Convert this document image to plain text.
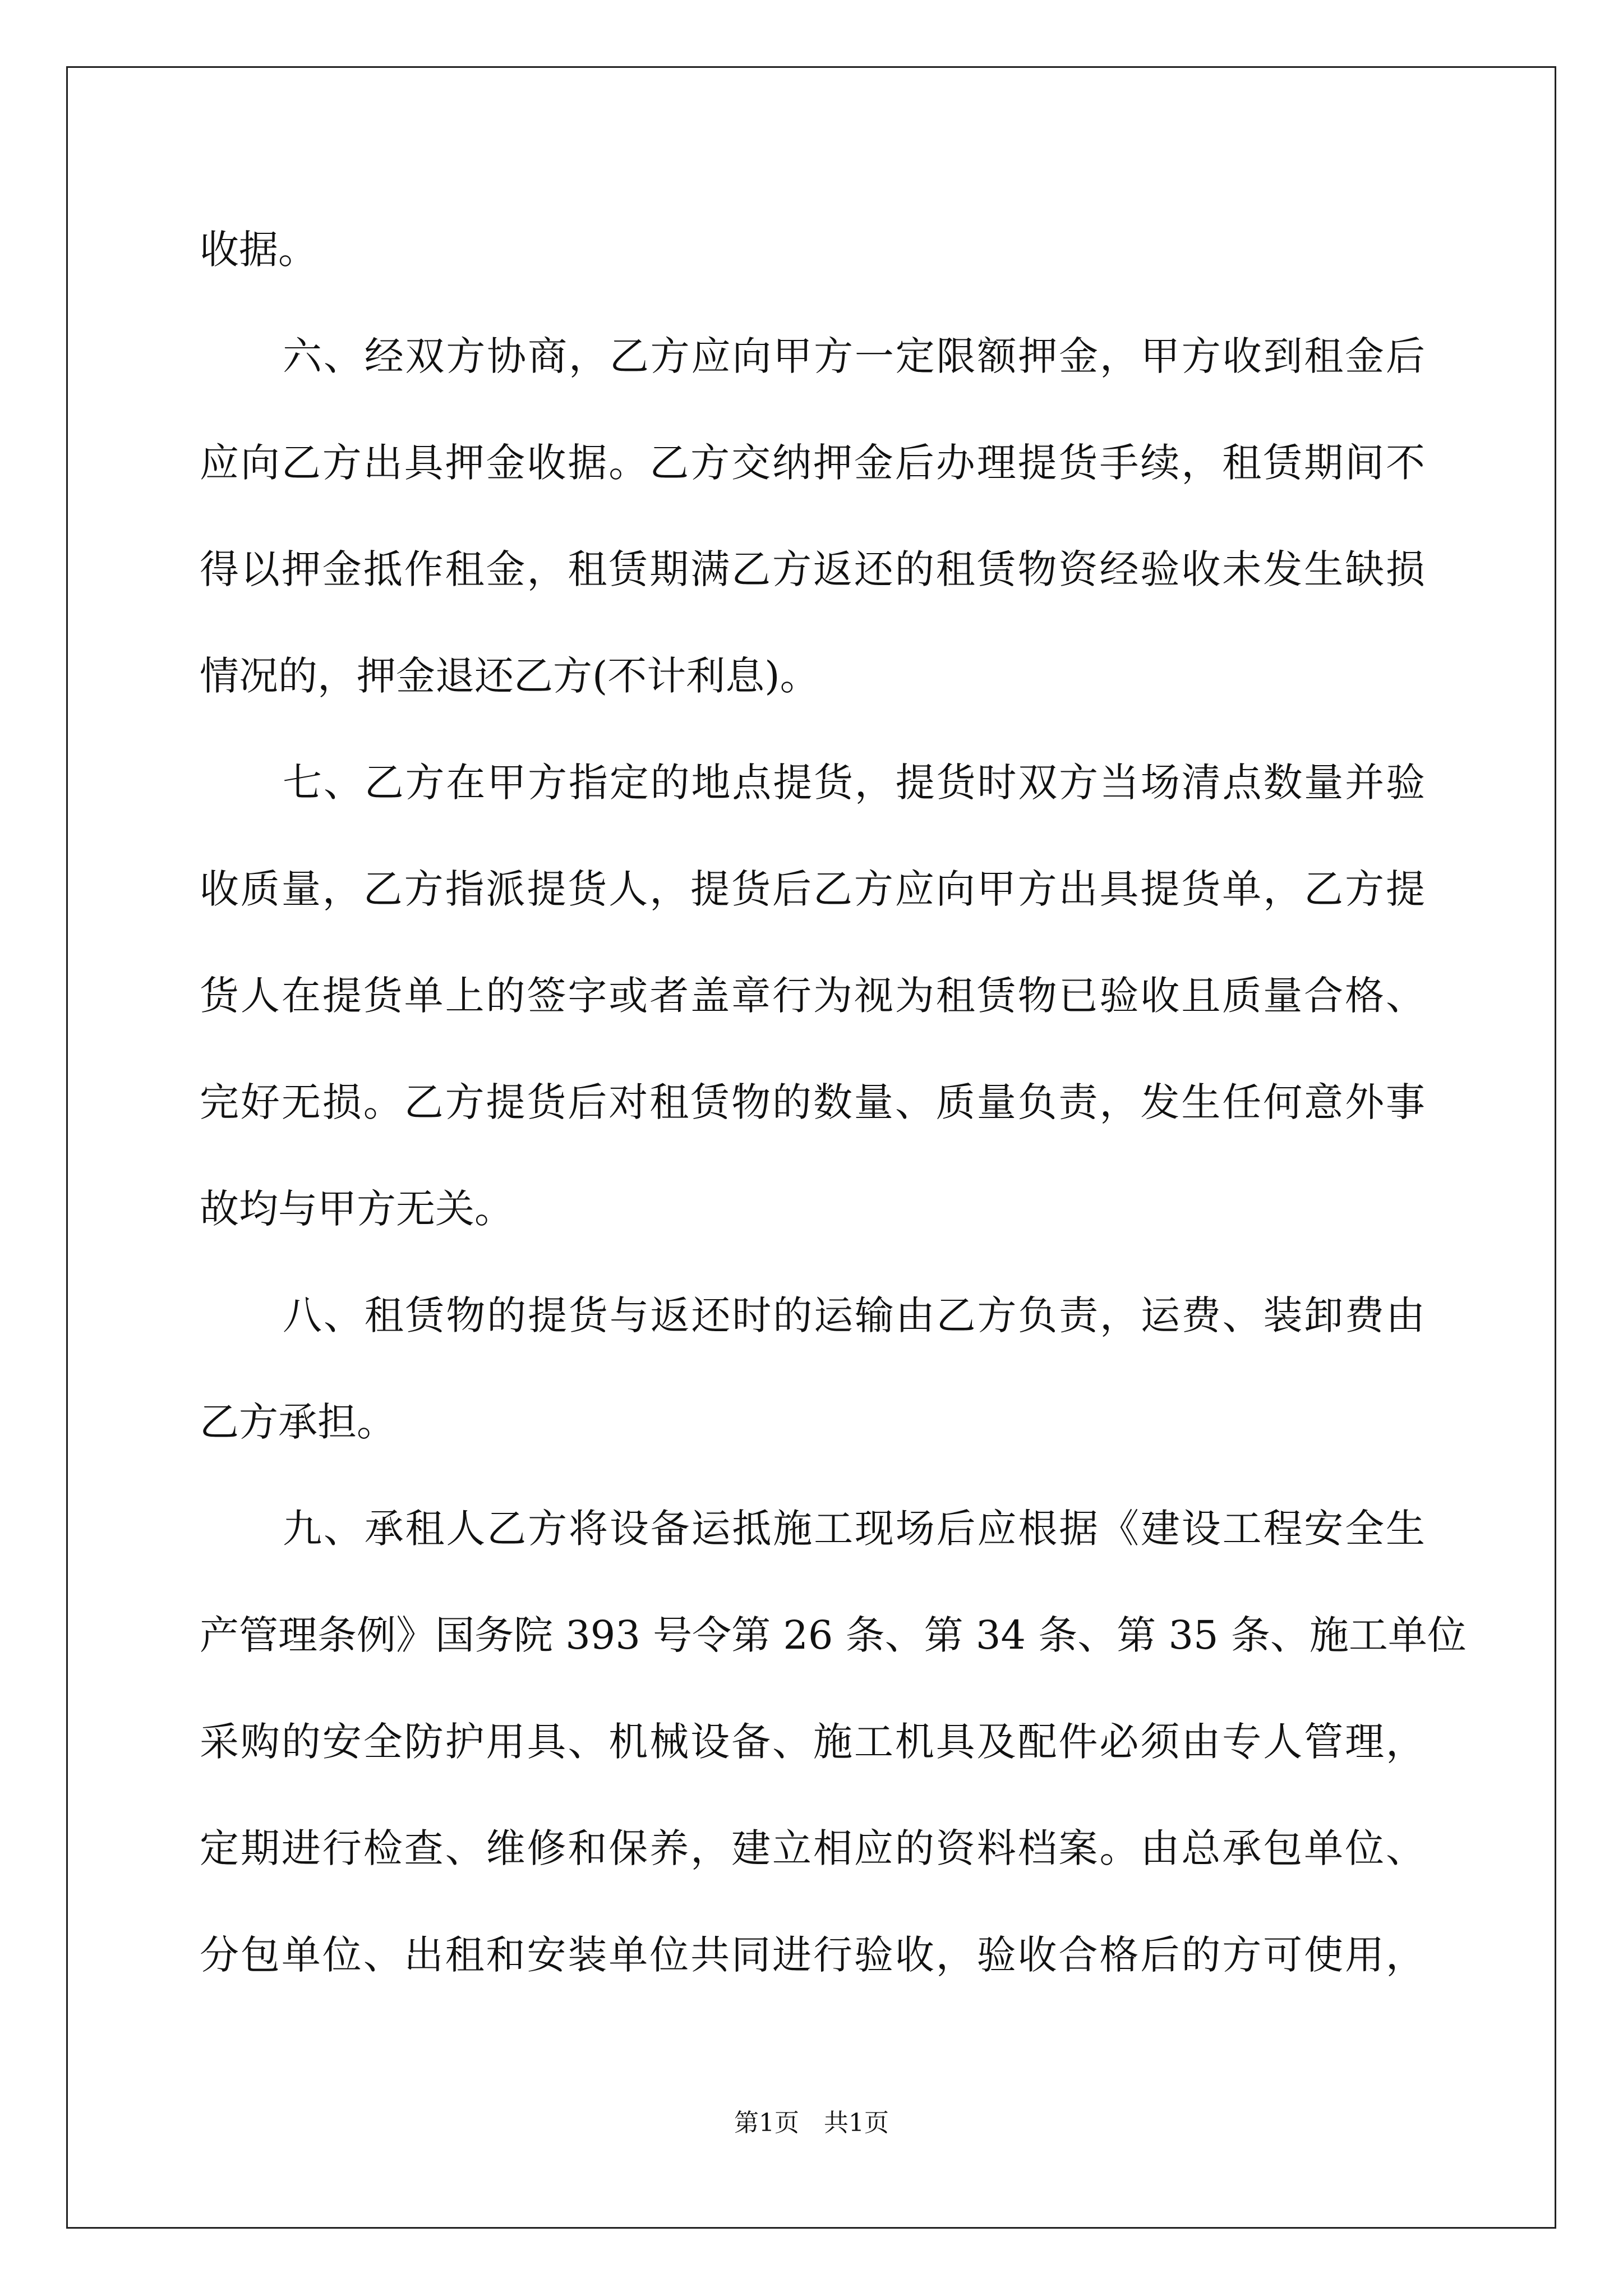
收据。
六、经双方协商，乙方应向甲方一定限额押金，甲方收到租金后
应向乙方出具押金收据。乙方交纳押金后办理提货手续，租赁期间不
得以押金抵作租金，租赁期满乙方返还的租赁物资经验收未发生缺损
情况的，押金退还乙方(不计利息)。
七、乙方在甲方指定的地点提货，提货时双方当场清点数量并验
收质量，乙方指派提货人，提货后乙方应向甲方出具提货单，乙方提
货人在提货单上的签字或者盖章行为视为租赁物已验收且质量合格、
完好无损。乙方提货后对租赁物的数量、质量负责，发生任何意外事
故均与甲方无关。
八、租赁物的提货与返还时的运输由乙方负责，运费、装卸费由
乙方承担。
九、承租人乙方将设备运抵施工现场后应根据《建设工程安全生
产管理条例》国务院 393 号令第 26 条、第 34 条、第 35 条、施工单位
采购的安全防护用具、机械设备、施工机具及配件必须由专人管理，
定期进行检查、维修和保养，建立相应的资料档案。由总承包单位、
分包单位、出租和安装单位共同进行验收，验收合格后的方可使用，
第1页　共1页
